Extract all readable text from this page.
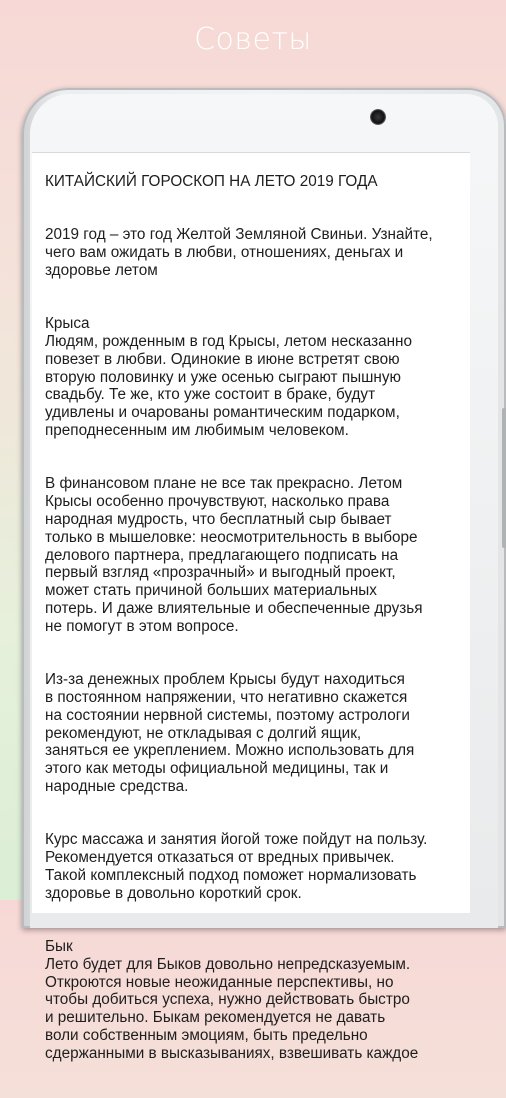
Советы

КИТАЙСКИЙ ГОРОСКОП НА ЛЕТО 2019 ГОДА

2019 год – это год Желтой Земляной Свиньи. Узнайте,
чего вам ожидать в любви, отношениях, деньгах и
здоровье летом

Крыса
Людям, рожденным в год Крысы, летом несказанно
повезет в любви. Одинокие в июне встретят свою
вторую половинку и уже осенью сыграют пышную
свадьбу. Те же, кто уже состоит в браке, будут
удивлены и очарованы романтическим подарком,
преподнесенным им любимым человеком.

В финансовом плане не все так прекрасно. Летом
Крысы особенно прочувствуют, насколько права
народная мудрость, что бесплатный сыр бывает
только в мышеловке: неосмотрительность в выборе
делового партнера, предлагающего подписать на
первый взгляд «прозрачный» и выгодный проект,
может стать причиной больших материальных
потерь. И даже влиятельные и обеспеченные друзья
не помогут в этом вопросе.

Из-за денежных проблем Крысы будут находиться
в постоянном напряжении, что негативно скажется
на состоянии нервной системы, поэтому астрологи
рекомендуют, не откладывая с долгий ящик,
заняться ее укреплением. Можно использовать для
этого как методы официальной медицины, так и
народные средства.

Курс массажа и занятия йогой тоже пойдут на пользу.
Рекомендуется отказаться от вредных привычек.
Такой комплексный подход поможет нормализовать
здоровье в довольно короткий срок.

Бык
Лето будет для Быков довольно непредсказуемым.
Откроются новые неожиданные перспективы, но
чтобы добиться успеха, нужно действовать быстро
и решительно. Быкам рекомендуется не давать
воли собственным эмоциям, быть предельно
сдержанными в высказываниях, взвешивать каждое
